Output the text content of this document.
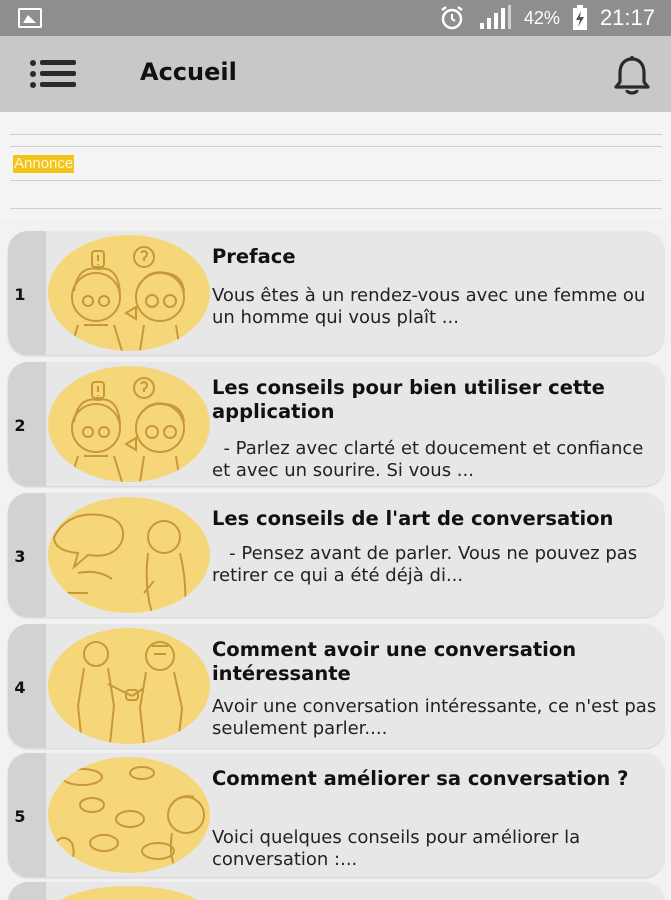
42% 21:17
Accueil
Annonce
1
Preface
Vous êtes à un rendez-vous avec une femme ou un homme qui vous plaît ...
2
Les conseils pour bien utiliser cette application
- Parlez avec clarté et doucement et confiance et avec un sourire. Si vous ...
3
Les conseils de l'art de conversation
- Pensez avant de parler. Vous ne pouvez pas retirer ce qui a été déjà di...
4
Comment avoir une conversation intéressante
Avoir une conversation intéressante, ce n'est pas seulement parler....
5
Comment améliorer sa conversation ?
Voici quelques conseils pour améliorer la conversation :...
